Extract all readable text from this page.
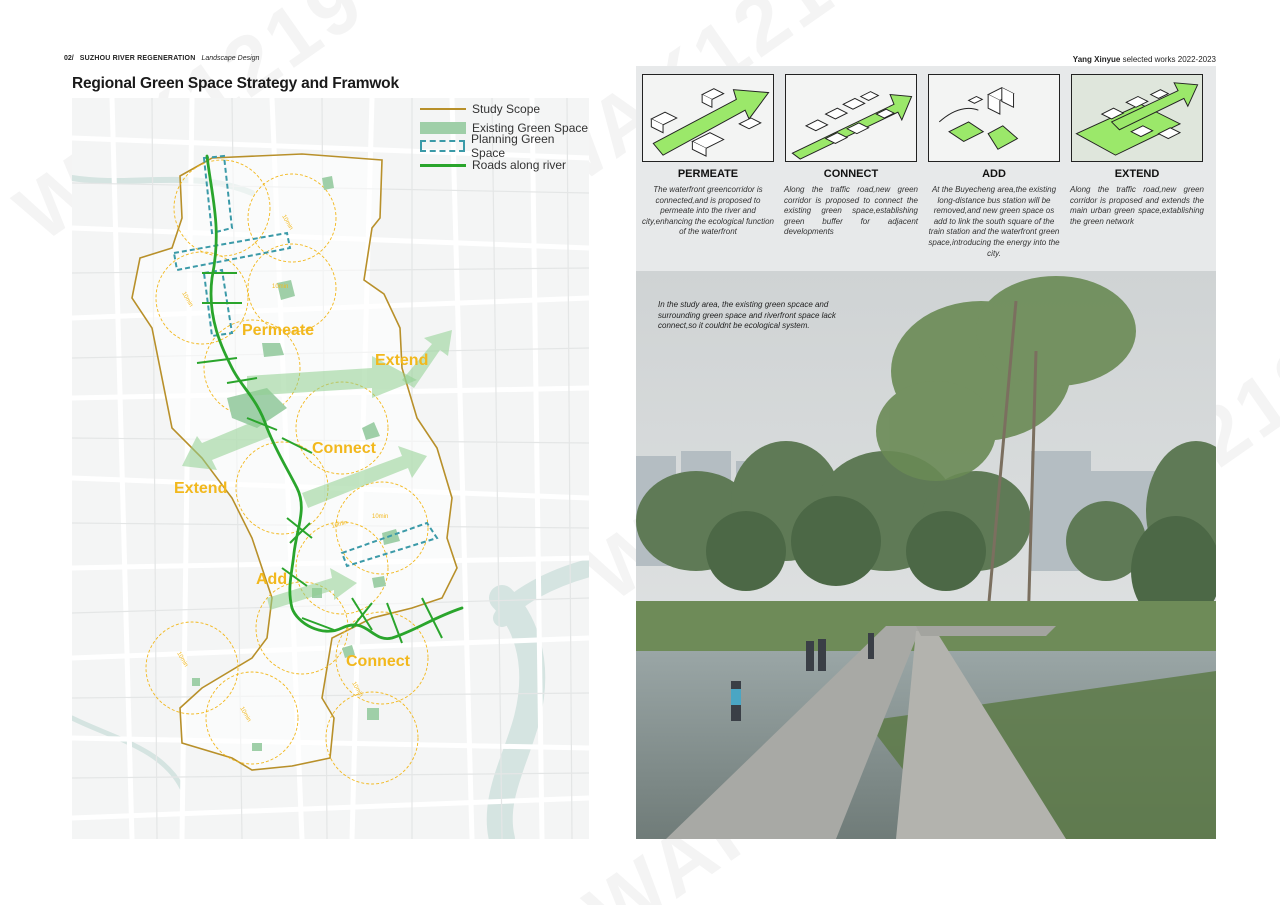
02/ SUZHOU RIVER REGENERATION Landscape Design	Yang Xinyue selected works 2022-2023
Regional Green Space Strategy and Framwok
10min
10min
10min
10min
10min
10min
10min
10min
Study Scope
Existing Green Space
Planning Green Space
Roads along river
Permeate
Extend
Connect
Extend
Add
Connect
PERMEATE
The waterfront greencorridor is connected,and is proposed to permeate into the river and city,enhancing the ecological function of the waterfront
CONNECT
Along the traffic road,new green corridor is proposed to connect the existing green space,establishing green buffer for adjacent developments
ADD
At the Buyecheng area,the existing long-distance bus station will be removed,and new green space os add to link the south square of the train station and the waterfront green space,introducing the energy into the city.
EXTEND
Along the traffic road,new green corridor is proposed and extends the main urban green space,extablishing the green network
In the study area, the existing green spcace and surrounding green space and riverfront space lack connect,so it couldnt be ecological system.
